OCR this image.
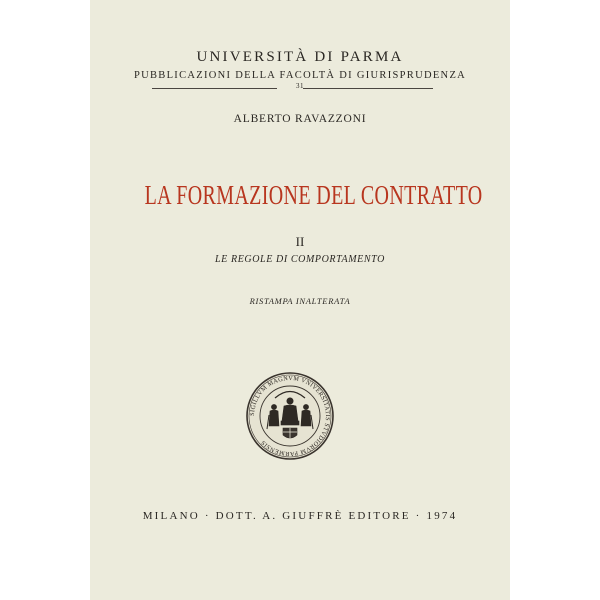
UNIVERSITÀ DI PARMA
PUBBLICAZIONI DELLA FACOLTÀ DI GIURISPRUDENZA
31
ALBERTO RAVAZZONI
LA FORMAZIONE DEL CONTRATTO
II
LE REGOLE DI COMPORTAMENTO
RISTAMPA INALTERATA
SIGILLVM MAGNVM VNIVERSITATIS STVDIORVM PARMENSIS
MILANO · DOTT. A. GIUFFRÈ EDITORE · 1974
